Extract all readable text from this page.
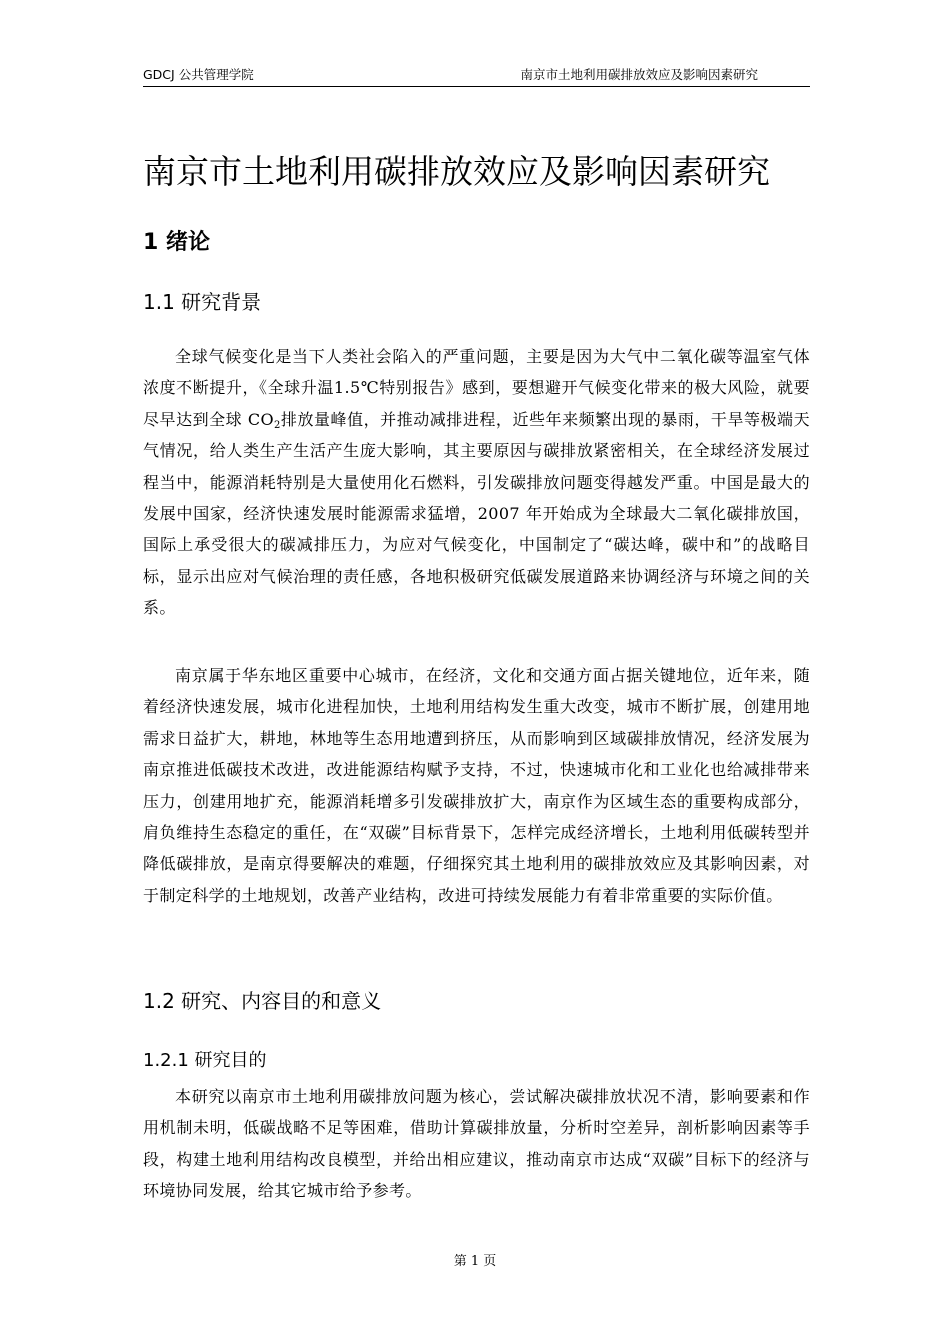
GDCJ 公共管理学院	南京市土地利用碳排放效应及影响因素研究
南京市土地利用碳排放效应及影响因素研究
1 绪论
1.1 研究背景
全球气候变化是当下人类社会陷入的严重问题，主要是因为大气中二氧化碳等温室气体浓度不断提升，《全球升温1.5℃特别报告》感到，要想避开气候变化带来的极大风险，就要尽早达到全球 $CO_2$排放量峰值，并推动减排进程，近些年来频繁出现的暴雨，干旱等极端天气情况，给人类生产生活产生庞大影响，其主要原因与碳排放紧密相关，在全球经济发展过程当中，能源消耗特别是大量使用化石燃料，引发碳排放问题变得越发严重。中国是最大的发展中国家，经济快速发展时能源需求猛增，2007 年开始成为全球最大二氧化碳排放国，国际上承受很大的碳减排压力，为应对气候变化，中国制定了“碳达峰，碳中和”的战略目标，显示出应对气候治理的责任感，各地积极研究低碳发展道路来协调经济与环境之间的关系。
南京属于华东地区重要中心城市，在经济，文化和交通方面占据关键地位，近年来，随着经济快速发展，城市化进程加快，土地利用结构发生重大改变，城市不断扩展，创建用地需求日益扩大，耕地，林地等生态用地遭到挤压，从而影响到区域碳排放情况，经济发展为南京推进低碳技术改进，改进能源结构赋予支持，不过，快速城市化和工业化也给减排带来压力，创建用地扩充，能源消耗增多引发碳排放扩大，南京作为区域生态的重要构成部分，肩负维持生态稳定的重任，在“双碳”目标背景下，怎样完成经济增长，土地利用低碳转型并降低碳排放，是南京得要解决的难题，仔细探究其土地利用的碳排放效应及其影响因素，对于制定科学的土地规划，改善产业结构，改进可持续发展能力有着非常重要的实际价值。
1.2 研究、内容目的和意义
1.2.1 研究目的
本研究以南京市土地利用碳排放问题为核心，尝试解决碳排放状况不清，影响要素和作用机制未明，低碳战略不足等困难，借助计算碳排放量，分析时空差异，剖析影响因素等手段，构建土地利用结构改良模型，并给出相应建议，推动南京市达成“双碳”目标下的经济与环境协同发展，给其它城市给予参考。
第 1 页
